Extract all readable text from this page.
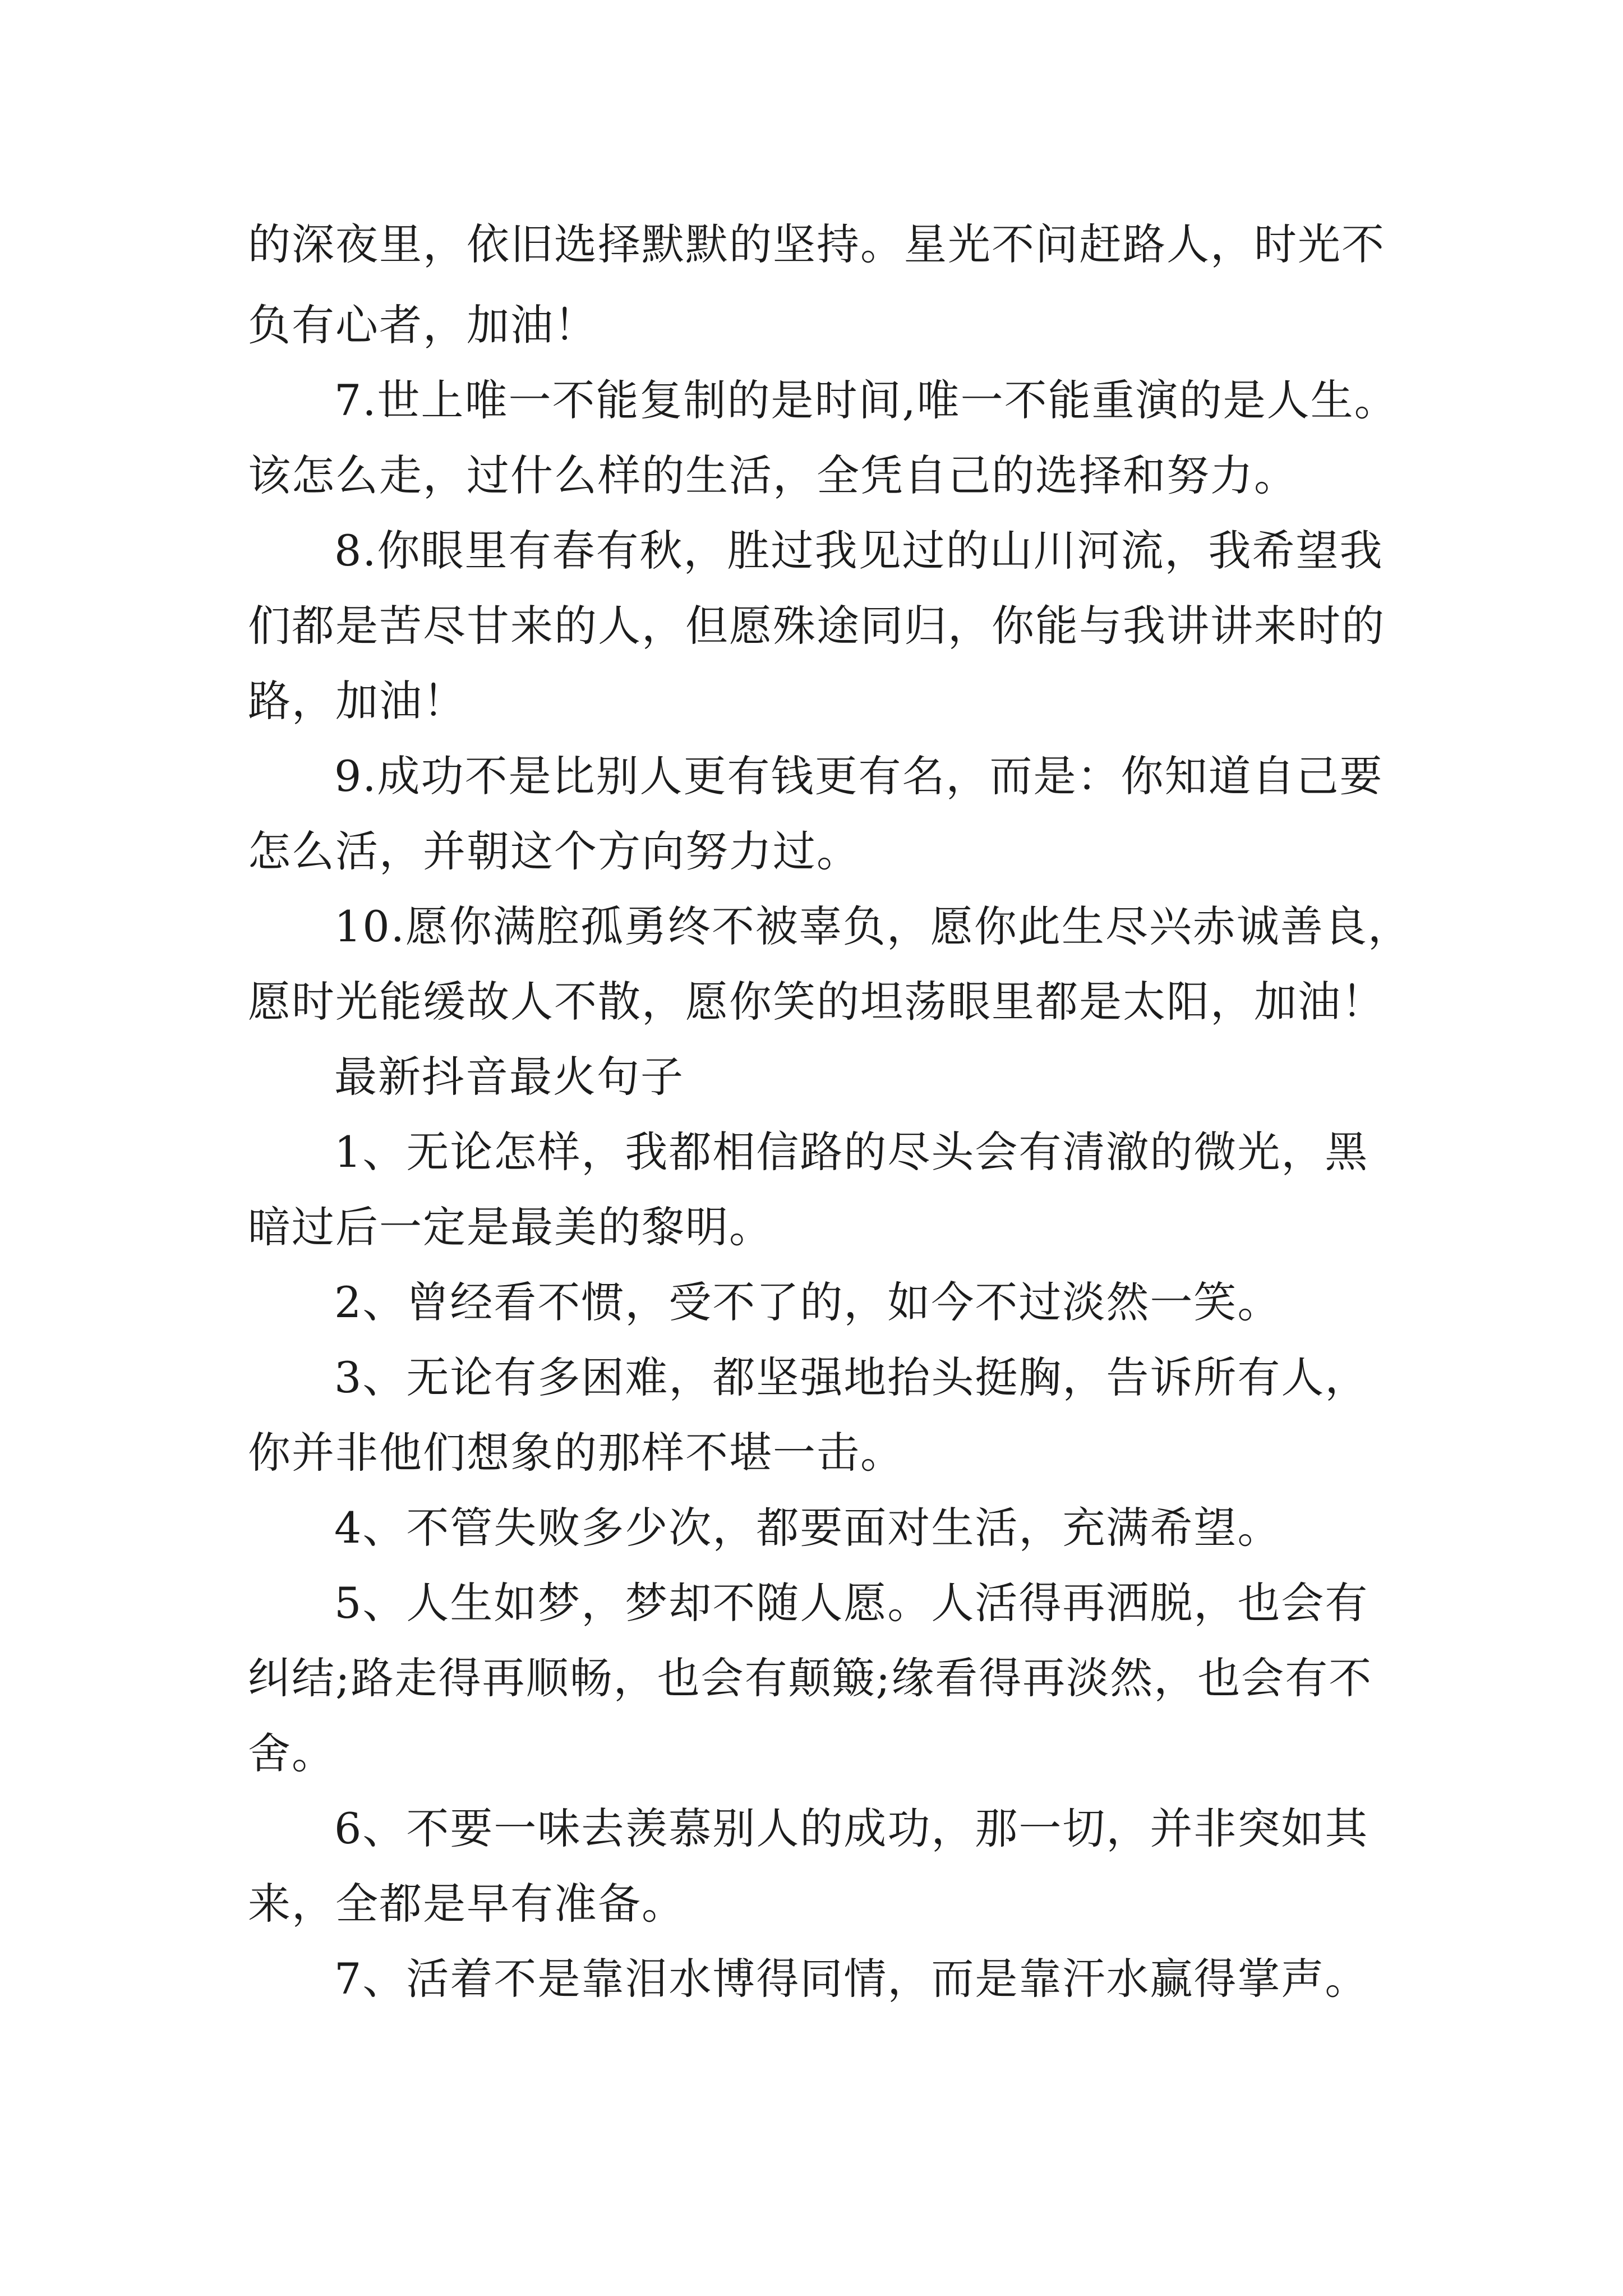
的深夜里，依旧选择默默的坚持。星光不问赶路人，时光不

负有心者，加油！

7.世上唯一不能复制的是时间,唯一不能重演的是人生。

该怎么走，过什么样的生活，全凭自己的选择和努力。

8.你眼里有春有秋，胜过我见过的山川河流，我希望我

们都是苦尽甘来的人，但愿殊途同归，你能与我讲讲来时的

路，加油！

9.成功不是比别人更有钱更有名，而是：你知道自己要

怎么活，并朝这个方向努力过。

10.愿你满腔孤勇终不被辜负，愿你此生尽兴赤诚善良，

愿时光能缓故人不散，愿你笑的坦荡眼里都是太阳，加油！

最新抖音最火句子

1、无论怎样，我都相信路的尽头会有清澈的微光，黑

暗过后一定是最美的黎明。

2、曾经看不惯，受不了的，如今不过淡然一笑。

3、无论有多困难，都坚强地抬头挺胸，告诉所有人，

你并非他们想象的那样不堪一击。

4、不管失败多少次，都要面对生活，充满希望。

5、人生如梦，梦却不随人愿。人活得再洒脱，也会有

纠结;路走得再顺畅，也会有颠簸;缘看得再淡然，也会有不

舍。

6、不要一味去羡慕别人的成功，那一切，并非突如其

来，全都是早有准备。

7、活着不是靠泪水博得同情，而是靠汗水赢得掌声。
